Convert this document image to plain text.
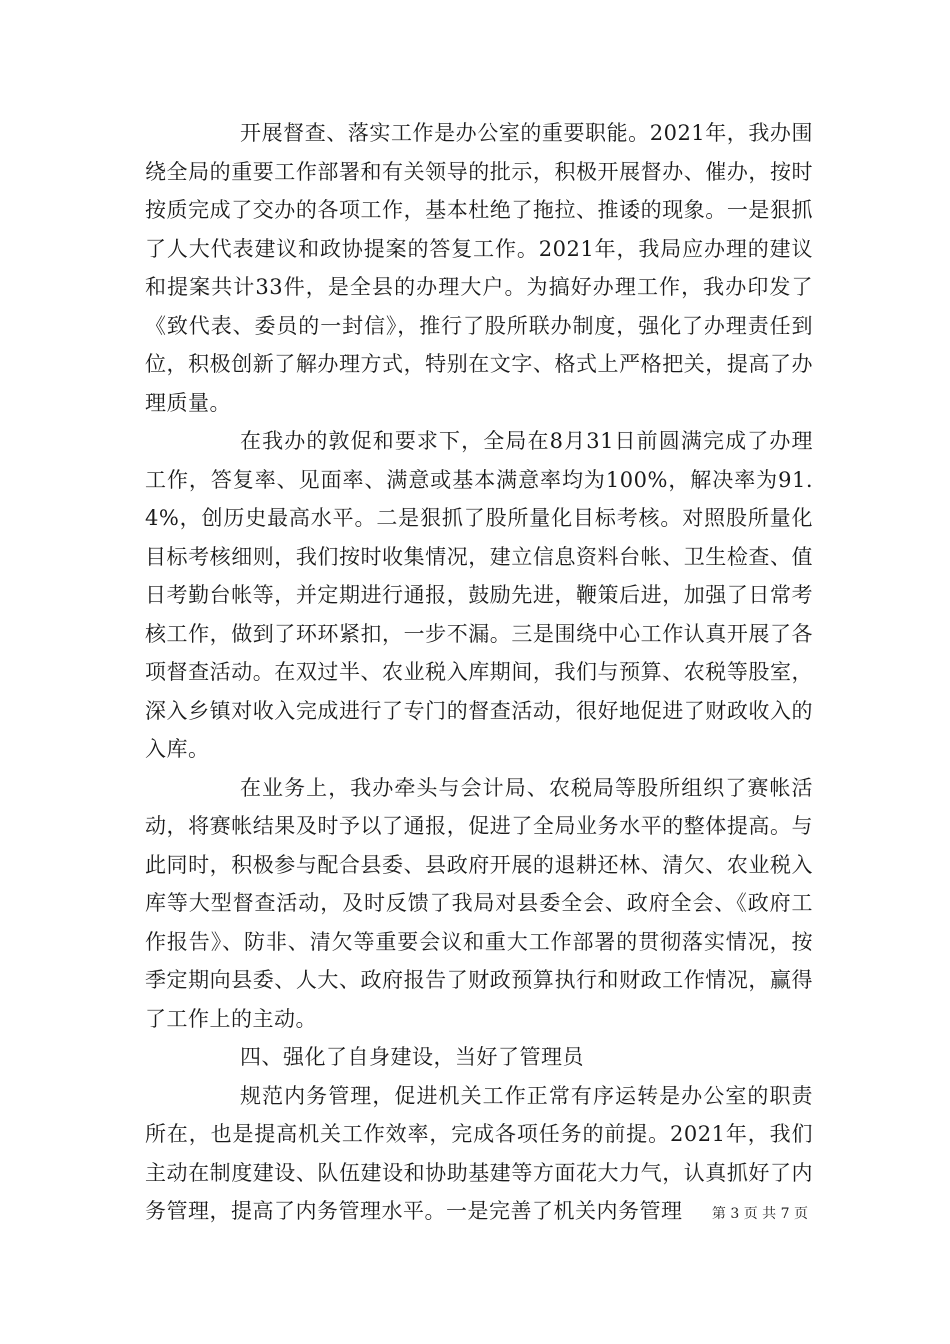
开展督查、落实工作是办公室的重要职能。2021年，我办围绕全局的重要工作部署和有关领导的批示，积极开展督办、催办，按时按质完成了交办的各项工作，基本杜绝了拖拉、推诿的现象。一是狠抓了人大代表建议和政协提案的答复工作。2021年，我局应办理的建议和提案共计33件，是全县的办理大户。为搞好办理工作，我办印发了《致代表、委员的一封信》，推行了股所联办制度，强化了办理责任到位，积极创新了解办理方式，特别在文字、格式上严格把关，提高了办理质量。

在我办的敦促和要求下，全局在8月31日前圆满完成了办理工作，答复率、见面率、满意或基本满意率均为100%，解决率为91.4%，创历史最高水平。二是狠抓了股所量化目标考核。对照股所量化目标考核细则，我们按时收集情况，建立信息资料台帐、卫生检查、值日考勤台帐等，并定期进行通报，鼓励先进，鞭策后进，加强了日常考核工作，做到了环环紧扣，一步不漏。三是围绕中心工作认真开展了各项督查活动。在双过半、农业税入库期间，我们与预算、农税等股室，深入乡镇对收入完成进行了专门的督查活动，很好地促进了财政收入的入库。

在业务上，我办牵头与会计局、农税局等股所组织了赛帐活动，将赛帐结果及时予以了通报，促进了全局业务水平的整体提高。与此同时，积极参与配合县委、县政府开展的退耕还林、清欠、农业税入库等大型督查活动，及时反馈了我局对县委全会、政府全会、《政府工作报告》、防非、清欠等重要会议和重大工作部署的贯彻落实情况，按季定期向县委、人大、政府报告了财政预算执行和财政工作情况，赢得了工作上的主动。

四、强化了自身建设，当好了管理员

规范内务管理，促进机关工作正常有序运转是办公室的职责所在，也是提高机关工作效率，完成各项任务的前提。2021年，我们主动在制度建设、队伍建设和协助基建等方面花大力气，认真抓好了内务管理，提高了内务管理水平。一是完善了机关内务管理	第 3 页 共 7 页
